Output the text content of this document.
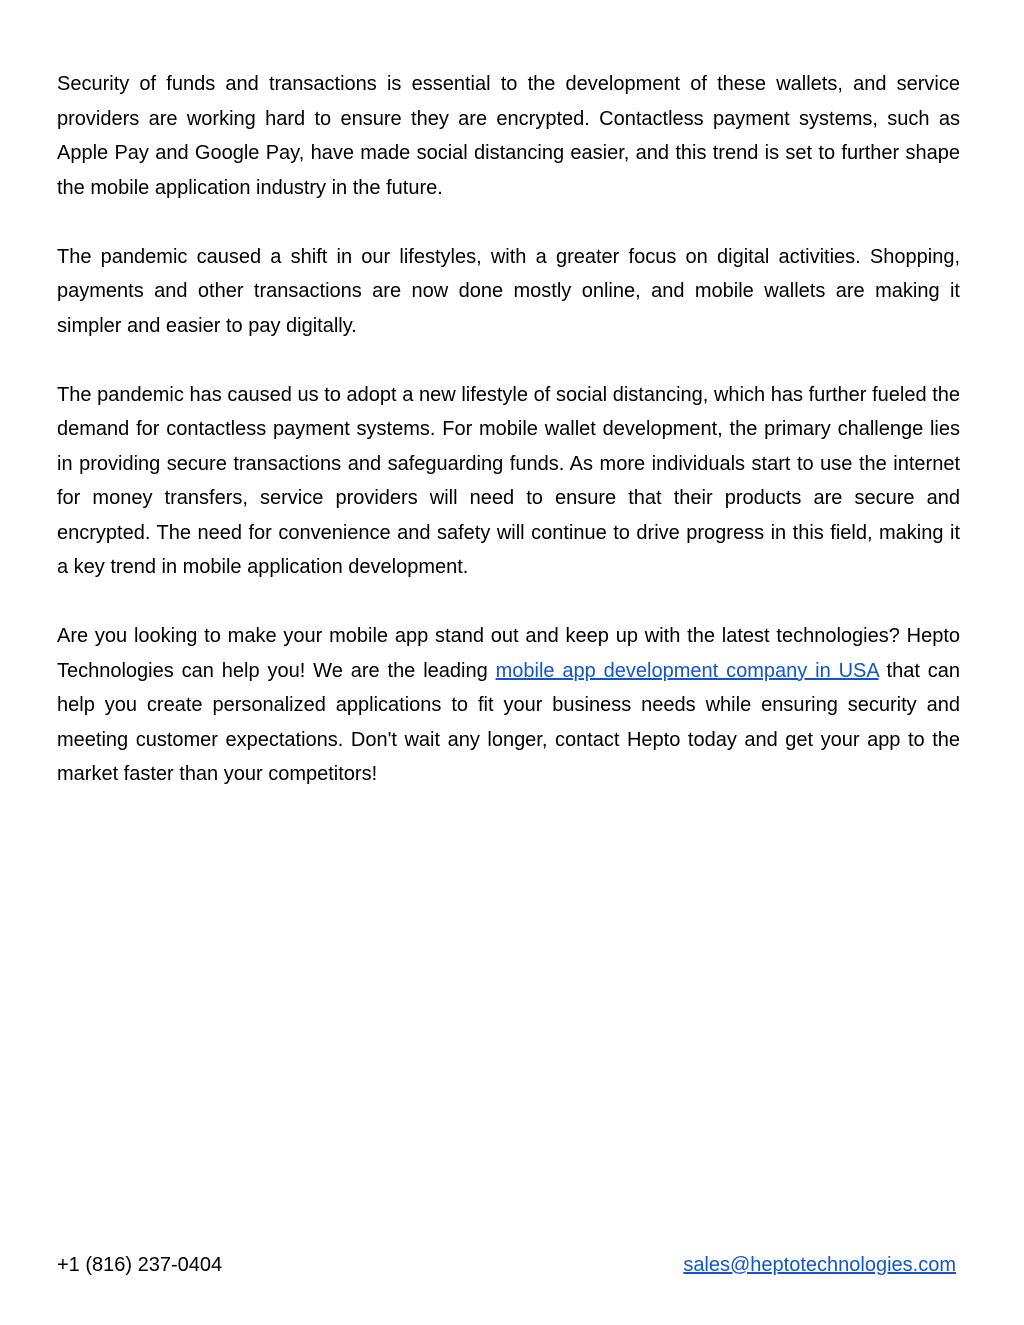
Security of funds and transactions is essential to the development of these wallets, and service providers are working hard to ensure they are encrypted. Contactless payment systems, such as Apple Pay and Google Pay, have made social distancing easier, and this trend is set to further shape the mobile application industry in the future.

The pandemic caused a shift in our lifestyles, with a greater focus on digital activities. Shopping, payments and other transactions are now done mostly online, and mobile wallets are making it simpler and easier to pay digitally.

The pandemic has caused us to adopt a new lifestyle of social distancing, which has further fueled the demand for contactless payment systems. For mobile wallet development, the primary challenge lies in providing secure transactions and safeguarding funds. As more individuals start to use the internet for money transfers, service providers will need to ensure that their products are secure and encrypted. The need for convenience and safety will continue to drive progress in this field, making it a key trend in mobile application development.

Are you looking to make your mobile app stand out and keep up with the latest technologies? Hepto Technologies can help you! We are the leading mobile app development company in USA that can help you create personalized applications to fit your business needs while ensuring security and meeting customer expectations. Don't wait any longer, contact Hepto today and get your app to the market faster than your competitors!

+1 (816) 237-0404	sales@heptotechnologies.com
